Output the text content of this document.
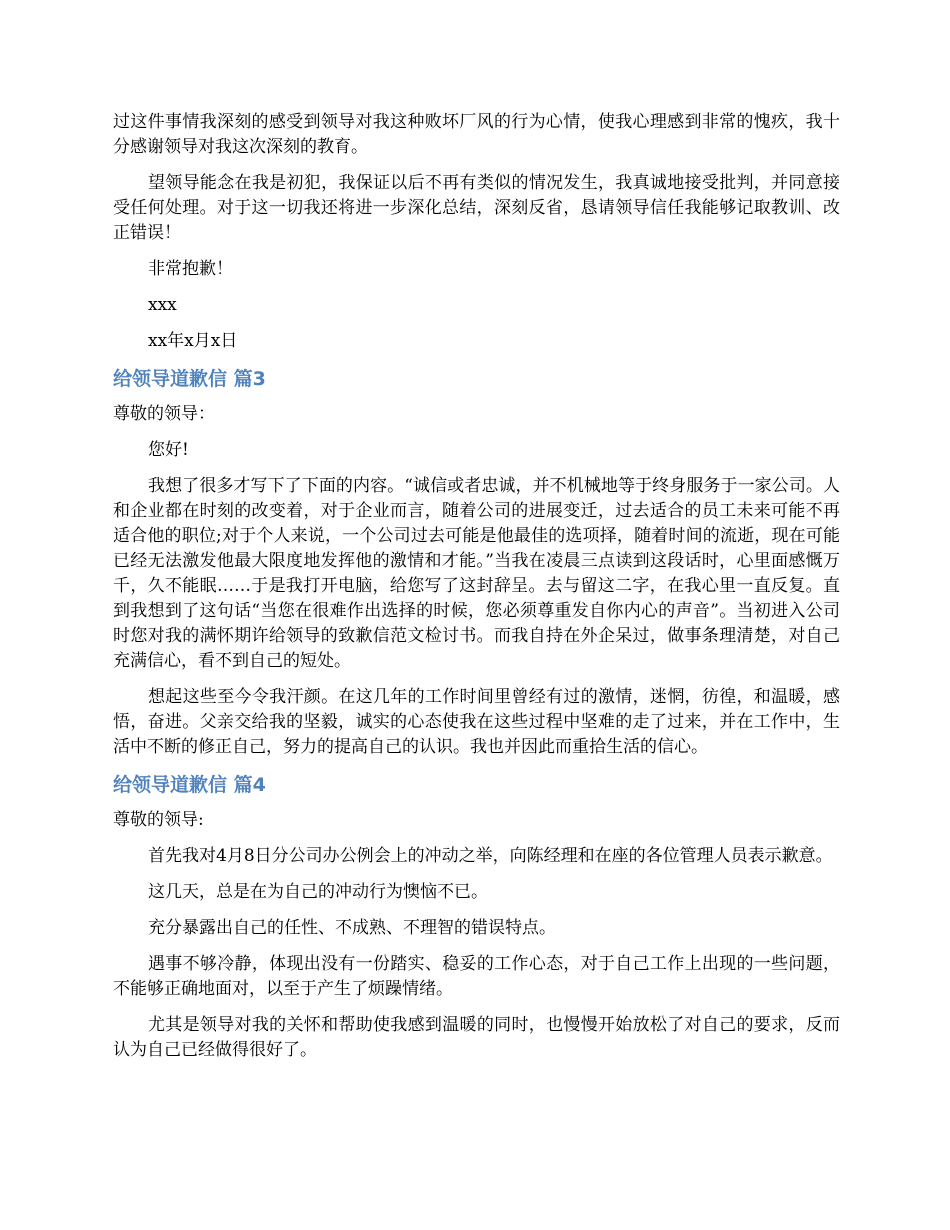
过这件事情我深刻的感受到领导对我这种败坏厂风的行为心情，使我心理感到非常的愧疚，我十分感谢领导对我这次深刻的教育。

望领导能念在我是初犯，我保证以后不再有类似的情况发生，我真诚地接受批判，并同意接受任何处理。对于这一切我还将进一步深化总结，深刻反省，恳请领导信任我能够记取教训、改正错误！

非常抱歉！

xxx

xx年x月x日

给领导道歉信 篇3

尊敬的领导：

您好!

我想了很多才写下了下面的内容。“诚信或者忠诚，并不机械地等于终身服务于一家公司。人和企业都在时刻的改变着，对于企业而言，随着公司的进展变迁，过去适合的员工未来可能不再适合他的职位;对于个人来说，一个公司过去可能是他最佳的选项择，随着时间的流逝，现在可能已经无法激发他最大限度地发挥他的激情和才能。”当我在凌晨三点读到这段话时，心里面感慨万千，久不能眠……于是我打开电脑，给您写了这封辞呈。去与留这二字，在我心里一直反复。直到我想到了这句话“当您在很难作出选择的时候，您必须尊重发自你内心的声音”。当初进入公司时您对我的满怀期许给领导的致歉信范文检讨书。而我自持在外企呆过，做事条理清楚，对自己充满信心，看不到自己的短处。

想起这些至今令我汗颜。在这几年的工作时间里曾经有过的激情，迷惘，彷徨，和温暖，感悟，奋进。父亲交给我的坚毅，诚实的心态使我在这些过程中坚难的走了过来，并在工作中，生活中不断的修正自己，努力的提高自己的认识。我也并因此而重拾生活的信心。

给领导道歉信 篇4

尊敬的领导:

首先我对4月8日分公司办公例会上的冲动之举，向陈经理和在座的各位管理人员表示歉意。

这几天，总是在为自己的冲动行为懊恼不已。

充分暴露出自己的任性、不成熟、不理智的错误特点。

遇事不够冷静，体现出没有一份踏实、稳妥的工作心态，对于自己工作上出现的一些问题，不能够正确地面对，以至于产生了烦躁情绪。

尤其是领导对我的关怀和帮助使我感到温暖的同时，也慢慢开始放松了对自己的要求，反而认为自己已经做得很好了。
